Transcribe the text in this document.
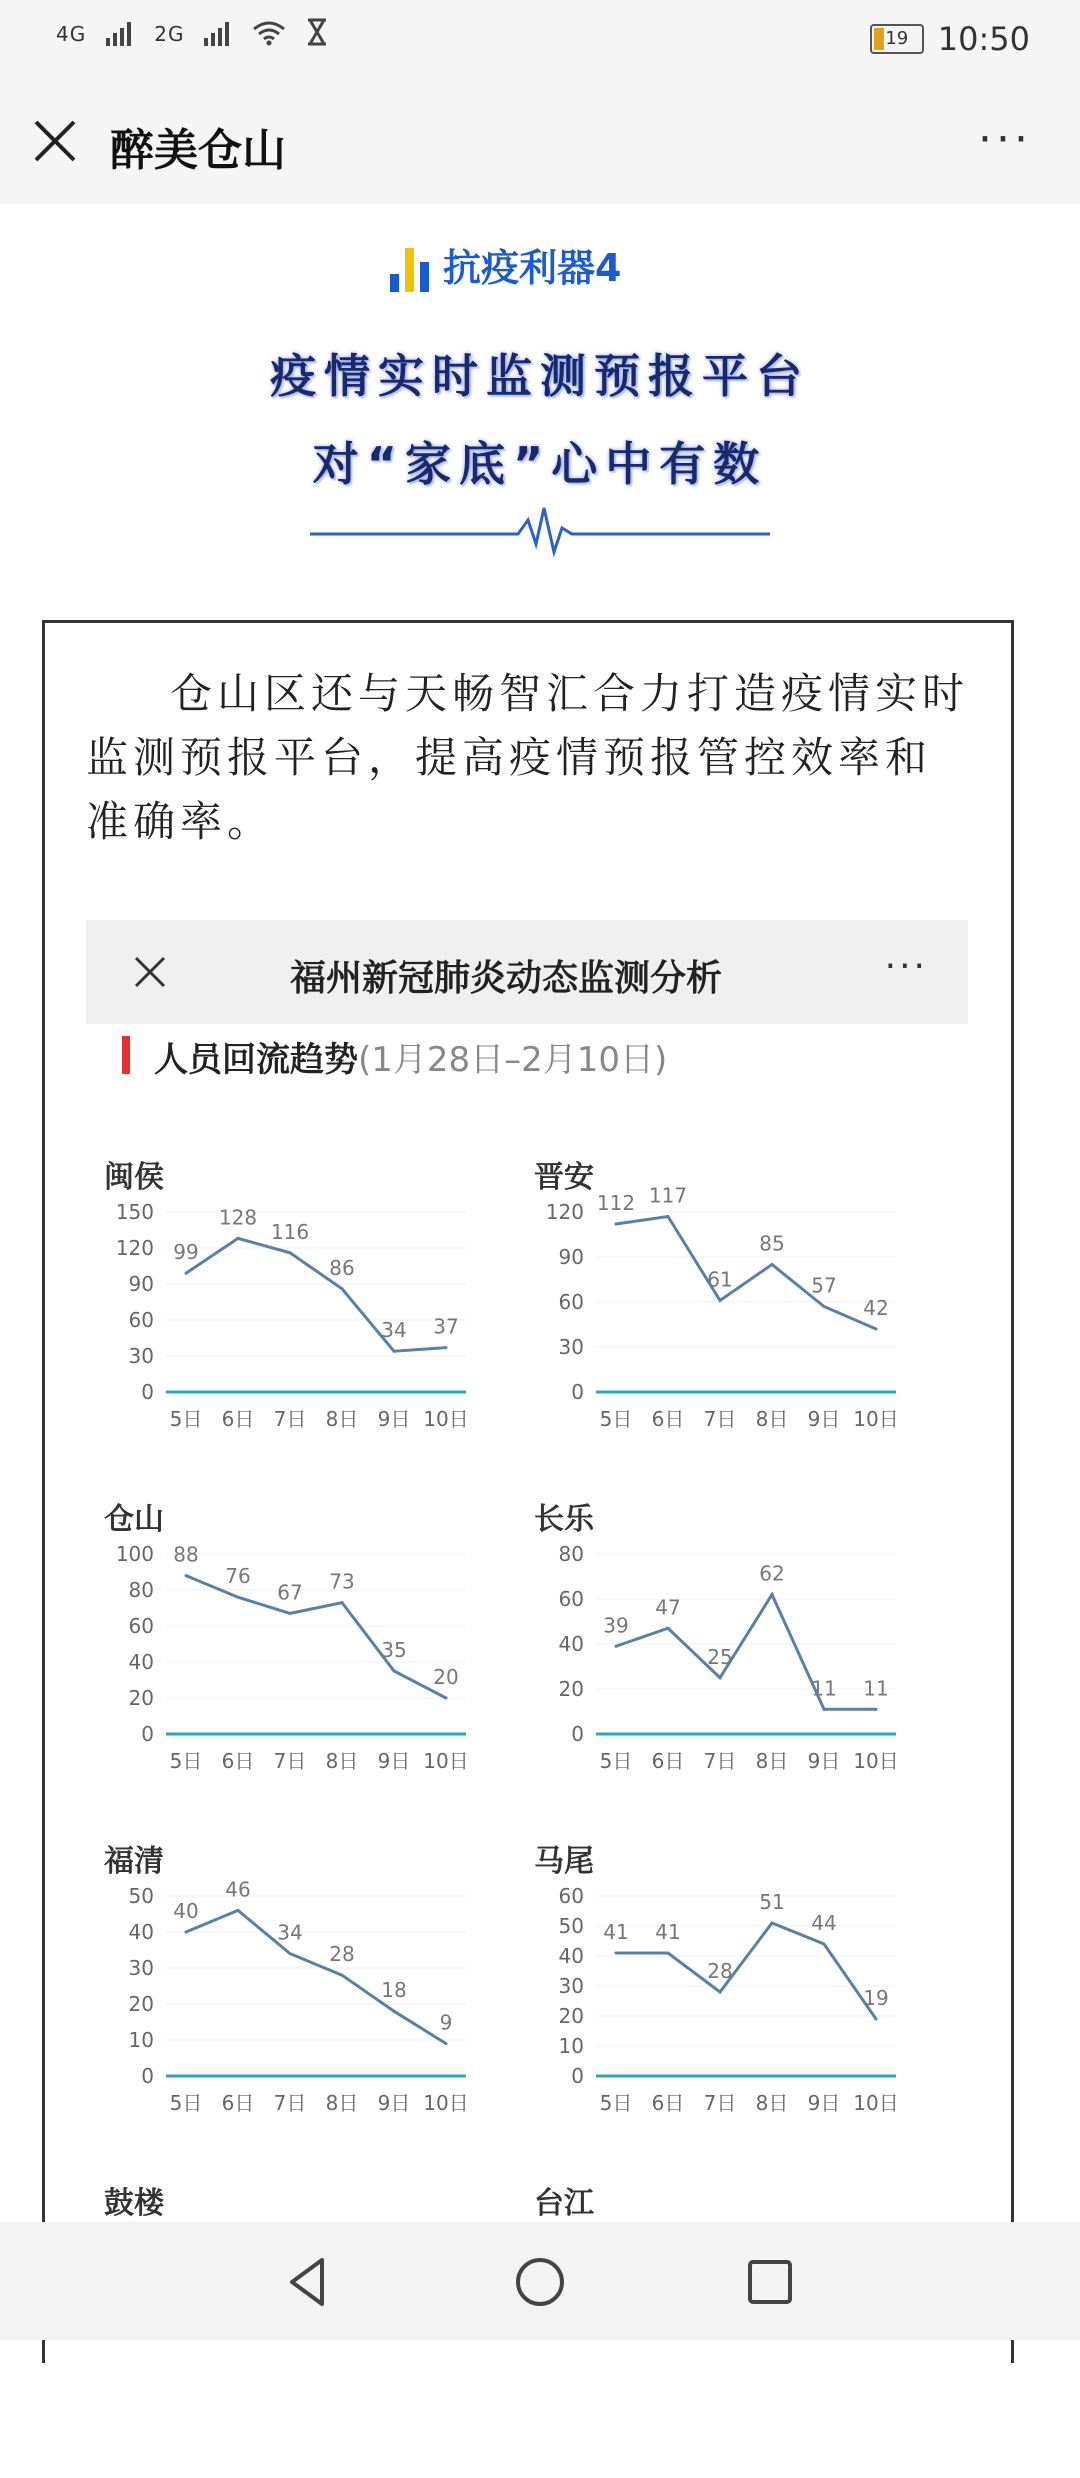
4G	2G	19 10:50
醉美仓山	···
抗疫利器4
疫情实时监测预报平台
对“家底”心中有数
仓山区还与天畅智汇合力打造疫情实时监测预报平台，提高疫情预报管控效率和准确率。
福州新冠肺炎动态监测分析	···
人员回流趋势(1月28日–2月10日)
闽侯
0
30
60
90
120
150
5日 6日 7日 8日 9日 10日
99
128
116
86
34 37
晋安
0
30
60
90
120
5日 6日 7日 8日 9日 10日
112 117
61
85
57
42
仓山
0
20
40
60
80
100
5日 6日 7日 8日 9日 10日
88
76
67 73
35
20
长乐
0
20
40
60
80
5日 6日 7日 8日 9日 10日
39
47
25
62
11 11
福清
0
10
20
30
40
50
5日 6日 7日 8日 9日 10日
40
46
34
28
18
9
马尾
0
10
20
30
40
50
60
5日 6日 7日 8日 9日 10日
41 41
28
51
44
19
鼓楼	台江
